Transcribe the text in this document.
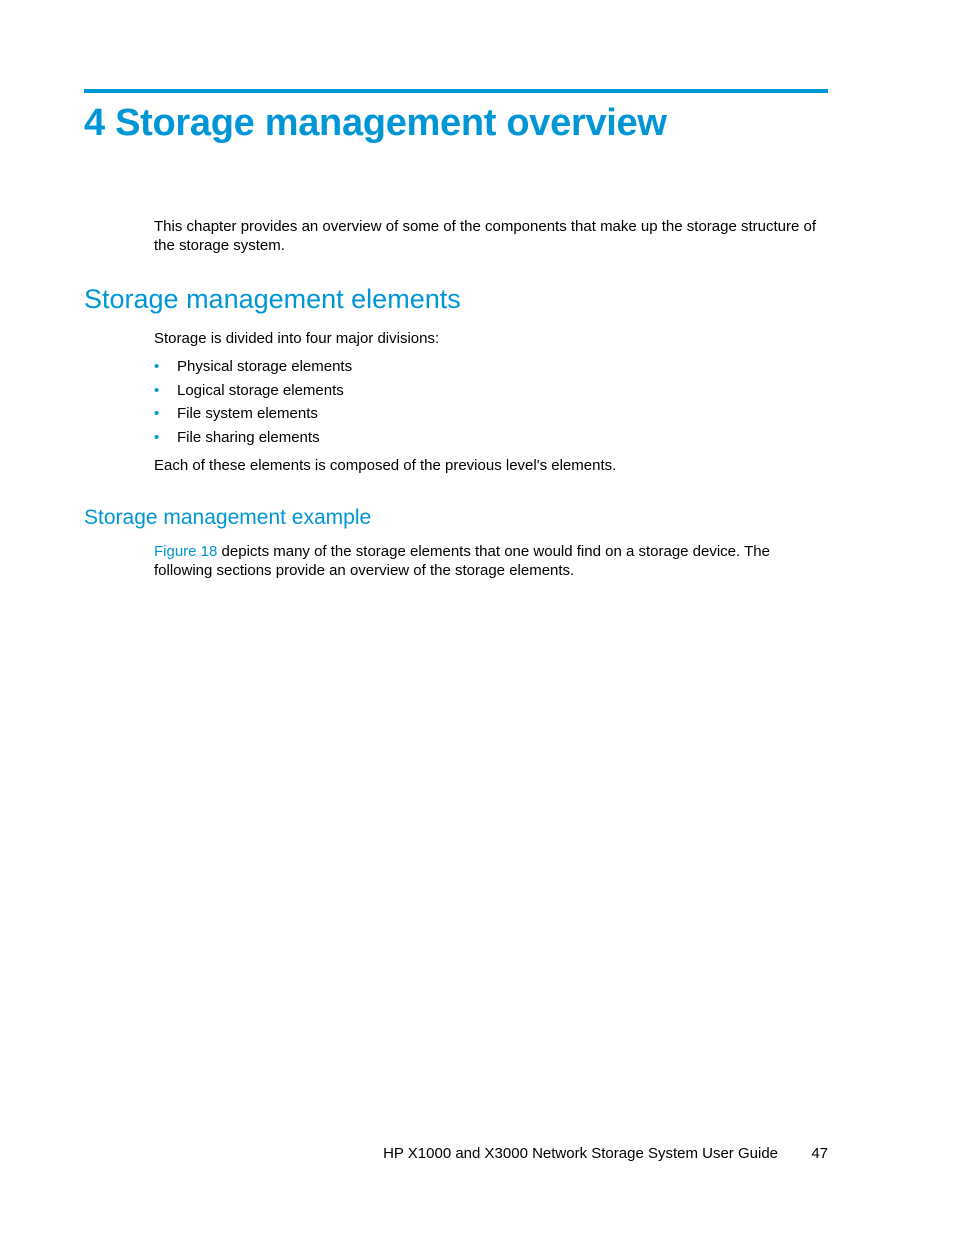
4 Storage management overview

This chapter provides an overview of some of the components that make up the storage structure of the storage system.

Storage management elements

Storage is divided into four major divisions:

• Physical storage elements
• Logical storage elements
• File system elements
• File sharing elements

Each of these elements is composed of the previous level's elements.

Storage management example

Figure 18 depicts many of the storage elements that one would find on a storage device. The following sections provide an overview of the storage elements.

HP X1000 and X3000 Network Storage System User Guide 47
